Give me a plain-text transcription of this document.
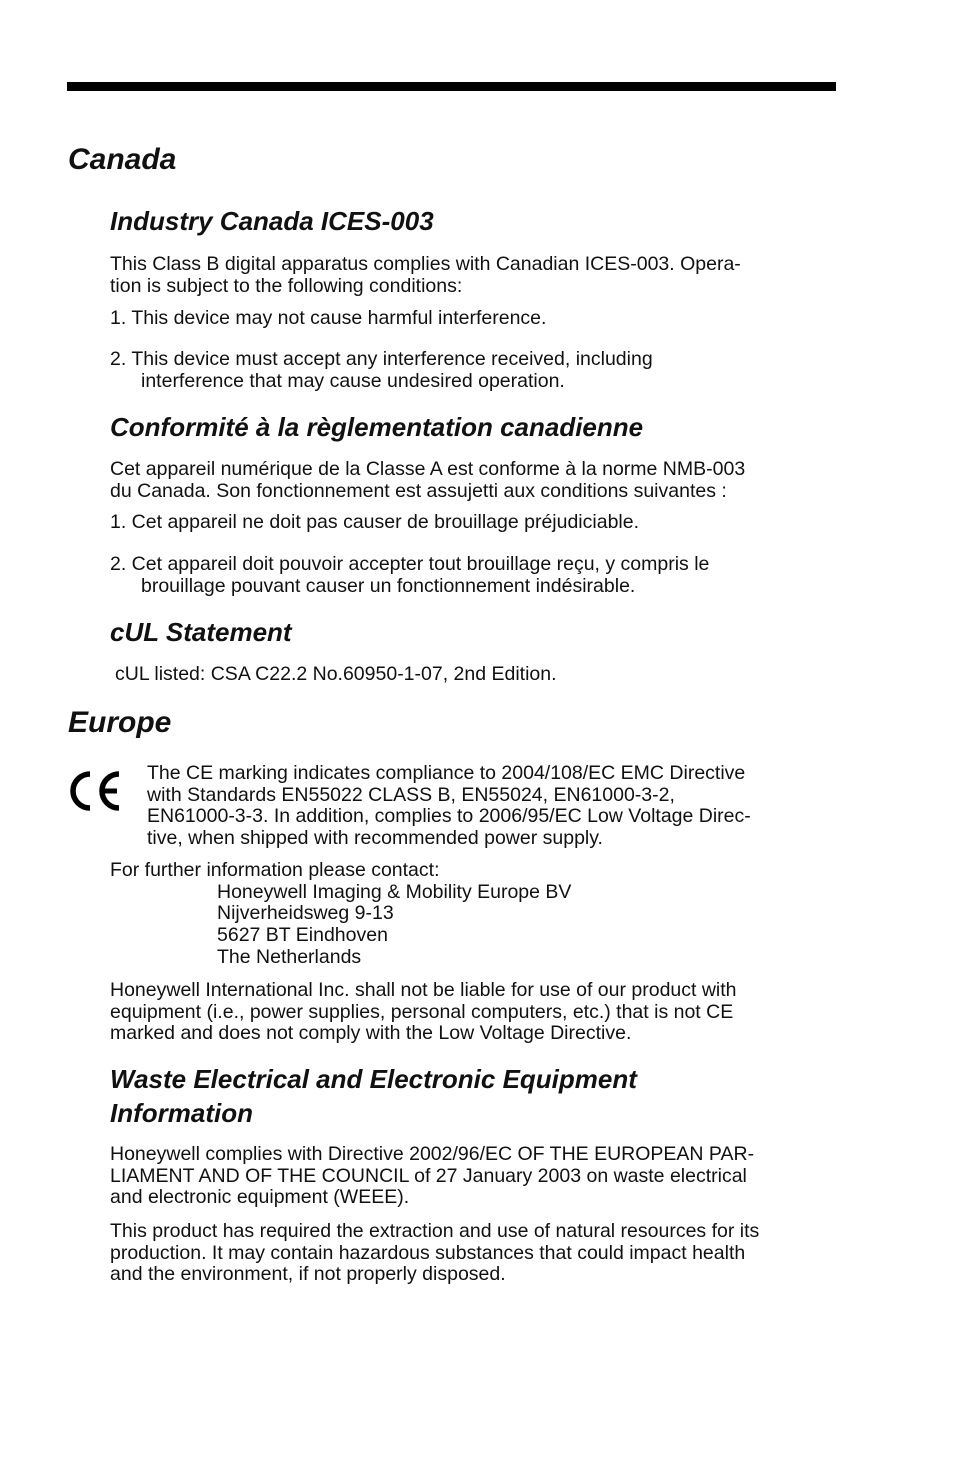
Canada
Industry Canada ICES-003

This Class B digital apparatus complies with Canadian ICES-003. Opera-
tion is subject to the following conditions:

1. This device may not cause harmful interference.

2. This device must accept any interference received, including
interference that may cause undesired operation.

Conformité à la règlementation canadienne

Cet appareil numérique de la Classe A est conforme à la norme NMB-003
du Canada. Son fonctionnement est assujetti aux conditions suivantes :

1. Cet appareil ne doit pas causer de brouillage préjudiciable.

2. Cet appareil doit pouvoir accepter tout brouillage reçu, y compris le
brouillage pouvant causer un fonctionnement indésirable.

cUL Statement

cUL listed: CSA C22.2 No.60950-1-07, 2nd Edition.

Europe

The CE marking indicates compliance to 2004/108/EC EMC Directive
with Standards EN55022 CLASS B, EN55024, EN61000-3-2,
EN61000-3-3. In addition, complies to 2006/95/EC Low Voltage Direc-
tive, when shipped with recommended power supply.

For further information please contact:
Honeywell Imaging & Mobility Europe BV
Nijverheidsweg 9-13
5627 BT Eindhoven
The Netherlands

Honeywell International Inc. shall not be liable for use of our product with
equipment (i.e., power supplies, personal computers, etc.) that is not CE
marked and does not comply with the Low Voltage Directive.

Waste Electrical and Electronic Equipment
Information

Honeywell complies with Directive 2002/96/EC OF THE EUROPEAN PAR-
LIAMENT AND OF THE COUNCIL of 27 January 2003 on waste electrical
and electronic equipment (WEEE).

This product has required the extraction and use of natural resources for its
production. It may contain hazardous substances that could impact health
and the environment, if not properly disposed.
